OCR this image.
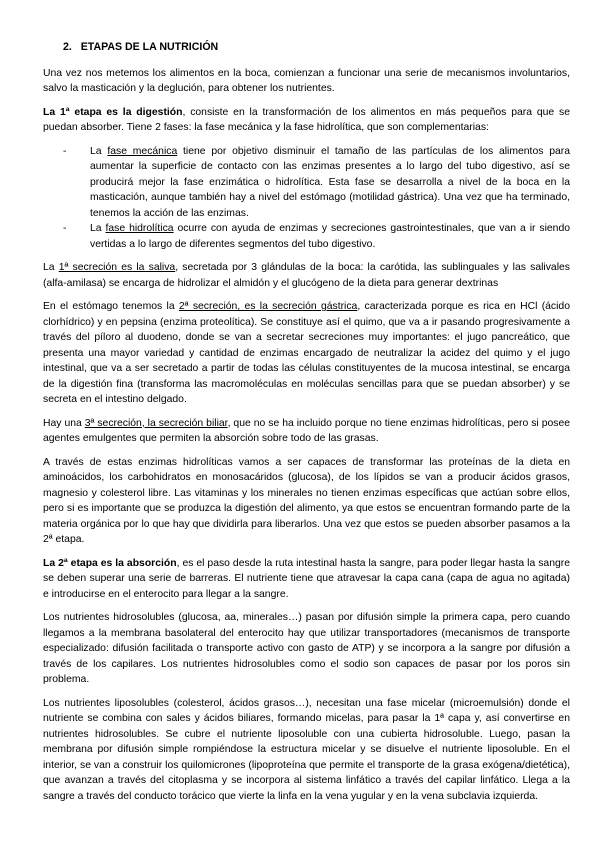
2. ETAPAS DE LA NUTRICIÓN

Una vez nos metemos los alimentos en la boca, comienzan a funcionar una serie de mecanismos involuntarios, salvo la masticación y la deglución, para obtener los nutrientes.

La 1ª etapa es la digestión, consiste en la transformación de los alimentos en más pequeños para que se puedan absorber. Tiene 2 fases: la fase mecánica y la fase hidrolítica, que son complementarias:

- La fase mecánica tiene por objetivo disminuir el tamaño de las partículas de los alimentos para aumentar la superficie de contacto con las enzimas presentes a lo largo del tubo digestivo, así se producirá mejor la fase enzimática o hidrolítica. Esta fase se desarrolla a nivel de la boca en la masticación, aunque también hay a nivel del estómago (motilidad gástrica). Una vez que ha terminado, tenemos la acción de las enzimas.
- La fase hidrolítica ocurre con ayuda de enzimas y secreciones gastrointestinales, que van a ir siendo vertidas a lo largo de diferentes segmentos del tubo digestivo.

La 1ª secreción es la saliva, secretada por 3 glándulas de la boca: la carótida, las sublinguales y las salivales (alfa-amilasa) se encarga de hidrolizar el almidón y el glucógeno de la dieta para generar dextrinas

En el estómago tenemos la 2ª secreción, es la secreción gástrica, caracterizada porque es rica en HCl (ácido clorhídrico) y en pepsina (enzima proteolítica). Se constituye así el quimo, que va a ir pasando progresivamente a través del píloro al duodeno, donde se van a secretar secreciones muy importantes: el jugo pancreático, que presenta una mayor variedad y cantidad de enzimas encargado de neutralizar la acidez del quimo y el jugo intestinal, que va a ser secretado a partir de todas las células constituyentes de la mucosa intestinal, se encarga de la digestión fina (transforma las macromoléculas en moléculas sencillas para que se puedan absorber) y se secreta en el intestino delgado.

Hay una 3ª secreción, la secreción biliar, que no se ha incluido porque no tiene enzimas hidrolíticas, pero si posee agentes emulgentes que permiten la absorción sobre todo de las grasas.

A través de estas enzimas hidrolíticas vamos a ser capaces de transformar las proteínas de la dieta en aminoácidos, los carbohidratos en monosacáridos (glucosa), de los lípidos se van a producir ácidos grasos, magnesio y colesterol libre. Las vitaminas y los minerales no tienen enzimas específicas que actúan sobre ellos, pero si es importante que se produzca la digestión del alimento, ya que estos se encuentran formando parte de la materia orgánica por lo que hay que dividirla para liberarlos. Una vez que estos se pueden absorber pasamos a la 2ª etapa.

La 2ª etapa es la absorción, es el paso desde la ruta intestinal hasta la sangre, para poder llegar hasta la sangre se deben superar una serie de barreras. El nutriente tiene que atravesar la capa cana (capa de agua no agitada) e introducirse en el enterocito para llegar a la sangre.

Los nutrientes hidrosolubles (glucosa, aa, minerales…) pasan por difusión simple la primera capa, pero cuando llegamos a la membrana basolateral del enterocito hay que utilizar transportadores (mecanismos de transporte especializado: difusión facilitada o transporte activo con gasto de ATP) y se incorpora a la sangre por difusión a través de los capilares. Los nutrientes hidrosolubles como el sodio son capaces de pasar por los poros sin problema.

Los nutrientes liposolubles (colesterol, ácidos grasos…), necesitan una fase micelar (microemulsión) donde el nutriente se combina con sales y ácidos biliares, formando micelas, para pasar la 1ª capa y, así convertirse en nutrientes hidrosolubles. Se cubre el nutriente liposoluble con una cubierta hidrosoluble. Luego, pasan la membrana por difusión simple rompiéndose la estructura micelar y se disuelve el nutriente liposoluble. En el interior, se van a construir los quilomicrones (lipoproteína que permite el transporte de la grasa exógena/dietética), que avanzan a través del citoplasma y se incorpora al sistema linfático a través del capilar linfático. Llega a la sangre a través del conducto torácico que vierte la linfa en la vena yugular y en la vena subclavia izquierda.
